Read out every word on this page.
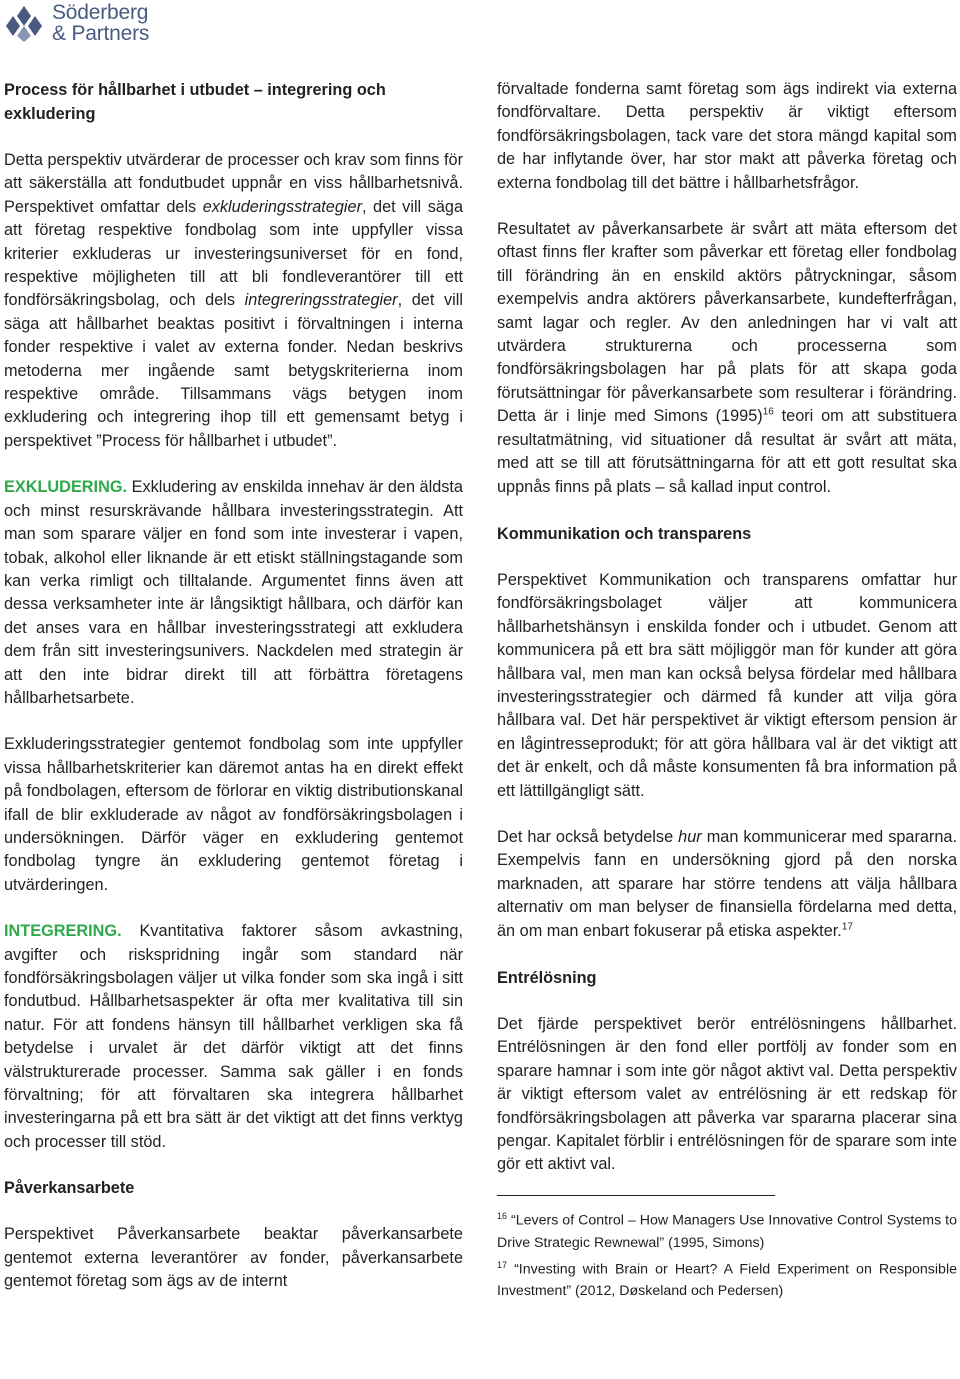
Söderberg
& Partners

Process för hållbarhet i utbudet – integrering och exkludering

Detta perspektiv utvärderar de processer och krav som finns för att säkerställa att fondutbudet uppnår en viss hållbarhetsnivå. Perspektivet omfattar dels exkluderingsstrategier, det vill säga att företag respektive fondbolag som inte uppfyller vissa kriterier exkluderas ur investeringsuniverset för en fond, respektive möjligheten till att bli fondleverantörer till ett fondförsäkringsbolag, och dels integreringsstrategier, det vill säga att hållbarhet beaktas positivt i förvaltningen i interna fonder respektive i valet av externa fonder. Nedan beskrivs metoderna mer ingående samt betygskriterierna inom respektive område. Tillsammans vägs betygen inom exkludering och integrering ihop till ett gemensamt betyg i perspektivet ”Process för hållbarhet i utbudet”.

EXKLUDERING. Exkludering av enskilda innehav är den äldsta och minst resurskrävande hållbara investeringsstrategin. Att man som sparare väljer en fond som inte investerar i vapen, tobak, alkohol eller liknande är ett etiskt ställningstagande som kan verka rimligt och tilltalande. Argumentet finns även att dessa verksamheter inte är långsiktigt hållbara, och därför kan det anses vara en hållbar investeringsstrategi att exkludera dem från sitt investeringsunivers. Nackdelen med strategin är att den inte bidrar direkt till att förbättra företagens hållbarhetsarbete.

Exkluderingsstrategier gentemot fondbolag som inte uppfyller vissa hållbarhetskriterier kan däremot antas ha en direkt effekt på fondbolagen, eftersom de förlorar en viktig distributionskanal ifall de blir exkluderade av något av fondförsäkringsbolagen i undersökningen. Därför väger en exkludering gentemot fondbolag tyngre än exkludering gentemot företag i utvärderingen.

INTEGRERING. Kvantitativa faktorer såsom avkastning, avgifter och riskspridning ingår som standard när fondförsäkringsbolagen väljer ut vilka fonder som ska ingå i sitt fondutbud. Hållbarhetsaspekter är ofta mer kvalitativa till sin natur. För att fondens hänsyn till hållbarhet verkligen ska få betydelse i urvalet är det därför viktigt att det finns välstrukturerade processer. Samma sak gäller i en fonds förvaltning; för att förvaltaren ska integrera hållbarhet investeringarna på ett bra sätt är det viktigt att det finns verktyg och processer till stöd.

Påverkansarbete

Perspektivet Påverkansarbete beaktar påverkansarbete gentemot externa leverantörer av fonder, påverkansarbete gentemot företag som ägs av de internt

förvaltade fonderna samt företag som ägs indirekt via externa fondförvaltare. Detta perspektiv är viktigt eftersom fondförsäkringsbolagen, tack vare det stora mängd kapital som de har inflytande över, har stor makt att påverka företag och externa fondbolag till det bättre i hållbarhetsfrågor.

Resultatet av påverkansarbete är svårt att mäta eftersom det oftast finns fler krafter som påverkar ett företag eller fondbolag till förändring än en enskild aktörs påtryckningar, såsom exempelvis andra aktörers påverkansarbete, kundefterfrågan, samt lagar och regler. Av den anledningen har vi valt att utvärdera strukturerna och processerna som fondförsäkringsbolagen har på plats för att skapa goda förutsättningar för påverkansarbete som resulterar i förändring. Detta är i linje med Simons (1995)$^{16}$ teori om att substituera resultatmätning, vid situationer då resultat är svårt att mäta, med att se till att förutsättningarna för att ett gott resultat ska uppnås finns på plats – så kallad input control.

Kommunikation och transparens

Perspektivet Kommunikation och transparens omfattar hur fondförsäkringsbolaget väljer att kommunicera hållbarhetshänsyn i enskilda fonder och i utbudet. Genom att kommunicera på ett bra sätt möjliggör man för kunder att göra hållbara val, men man kan också belysa fördelar med hållbara investeringsstrategier och därmed få kunder att vilja göra hållbara val. Det här perspektivet är viktigt eftersom pension är en lågintresseprodukt; för att göra hållbara val är det viktigt att det är enkelt, och då måste konsumenten få bra information på ett lättillgängligt sätt.

Det har också betydelse hur man kommunicerar med spararna. Exempelvis fann en undersökning gjord på den norska marknaden, att sparare har större tendens att välja hållbara alternativ om man belyser de finansiella fördelarna med detta, än om man enbart fokuserar på etiska aspekter.$^{17}$

Entrélösning

Det fjärde perspektivet berör entrélösningens hållbarhet. Entrélösningen är den fond eller portfölj av fonder som en sparare hamnar i som inte gör något aktivt val. Detta perspektiv är viktigt eftersom valet av entrélösning är ett redskap för fondförsäkringsbolagen att påverka var spararna placerar sina pengar. Kapitalet förblir i entrélösningen för de sparare som inte gör ett aktivt val.

$^{16}$ “Levers of Control – How Managers Use Innovative Control Systems to Drive Strategic Rewnewal” (1995, Simons)

$^{17}$ “Investing with Brain or Heart? A Field Experiment on Responsible Investment” (2012, Døskeland och Pedersen)
